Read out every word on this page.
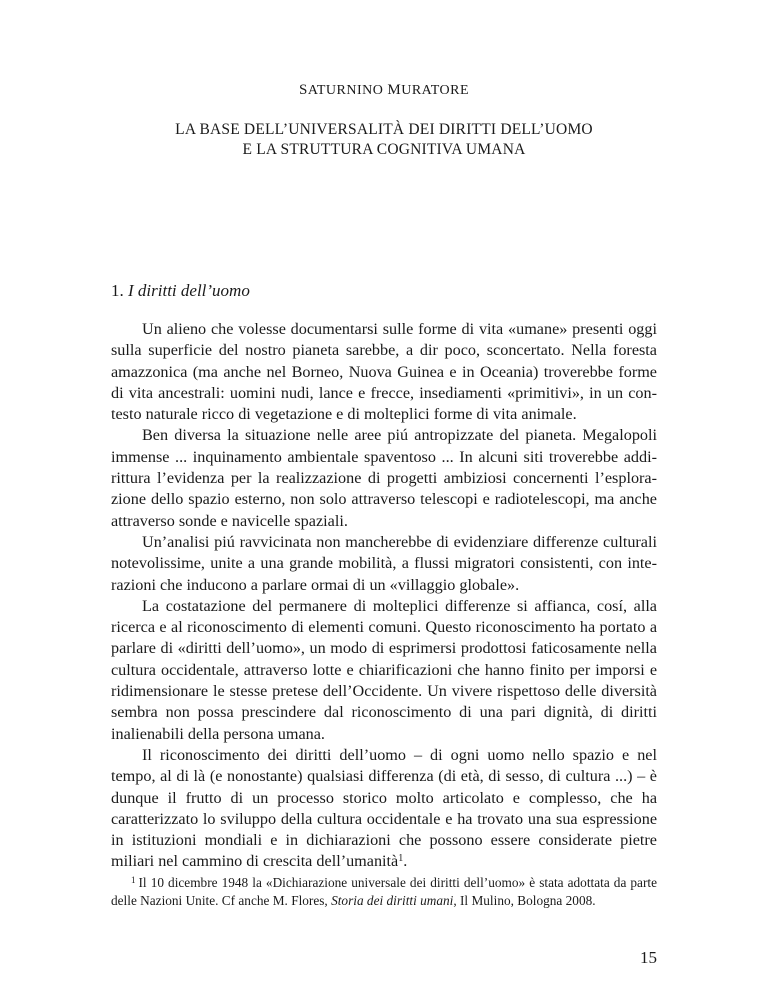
SATURNINO MURATORE
LA BASE DELL’UNIVERSALITÀ DEI DIRITTI DELL’UOMO
E LA STRUTTURA COGNITIVA UMANA
1. I diritti dell’uomo

Un alieno che volesse documentarsi sulle forme di vita «umane» presenti oggi sulla superficie del nostro pianeta sarebbe, a dir poco, sconcertato. Nella foresta amazzonica (ma anche nel Borneo, Nuova Guinea e in Oceania) troverebbe forme di vita ancestrali: uomini nudi, lance e frecce, insediamenti «primitivi», in un contesto naturale ricco di vegetazione e di molteplici forme di vita animale.

Ben diversa la situazione nelle aree piú antropizzate del pianeta. Megalopoli immense ... inquinamento ambientale spaventoso ... In alcuni siti troverebbe addirittura l’evidenza per la realizzazione di progetti ambiziosi concernenti l’esplorazione dello spazio esterno, non solo attraverso telescopi e radiotelescopi, ma anche attraverso sonde e navicelle spaziali.

Un’analisi piú ravvicinata non mancherebbe di evidenziare differenze culturali notevolissime, unite a una grande mobilità, a flussi migratori consistenti, con interazioni che inducono a parlare ormai di un «villaggio globale».

La costatazione del permanere di molteplici differenze si affianca, cosí, alla ricerca e al riconoscimento di elementi comuni. Questo riconoscimento ha portato a parlare di «diritti dell’uomo», un modo di esprimersi prodottosi faticosamente nella cultura occidentale, attraverso lotte e chiarificazioni che hanno finito per imporsi e ridimensionare le stesse pretese dell’Occidente. Un vivere rispettoso delle diversità sembra non possa prescindere dal riconoscimento di una pari dignità, di diritti inalienabili della persona umana.

Il riconoscimento dei diritti dell’uomo – di ogni uomo nello spazio e nel tempo, al di là (e nonostante) qualsiasi differenza (di età, di sesso, di cultura ...) – è dunque il frutto di un processo storico molto articolato e complesso, che ha caratterizzato lo sviluppo della cultura occidentale e ha trovato una sua espressione in istituzioni mondiali e in dichiarazioni che possono essere considerate pietre miliari nel cammino di crescita dell’umanità$^1$.

$^1$ Il 10 dicembre 1948 la «Dichiarazione universale dei diritti dell’uomo» è stata adottata da parte delle Nazioni Unite. Cf anche M. Flores, Storia dei diritti umani, Il Mulino, Bologna 2008.

15
